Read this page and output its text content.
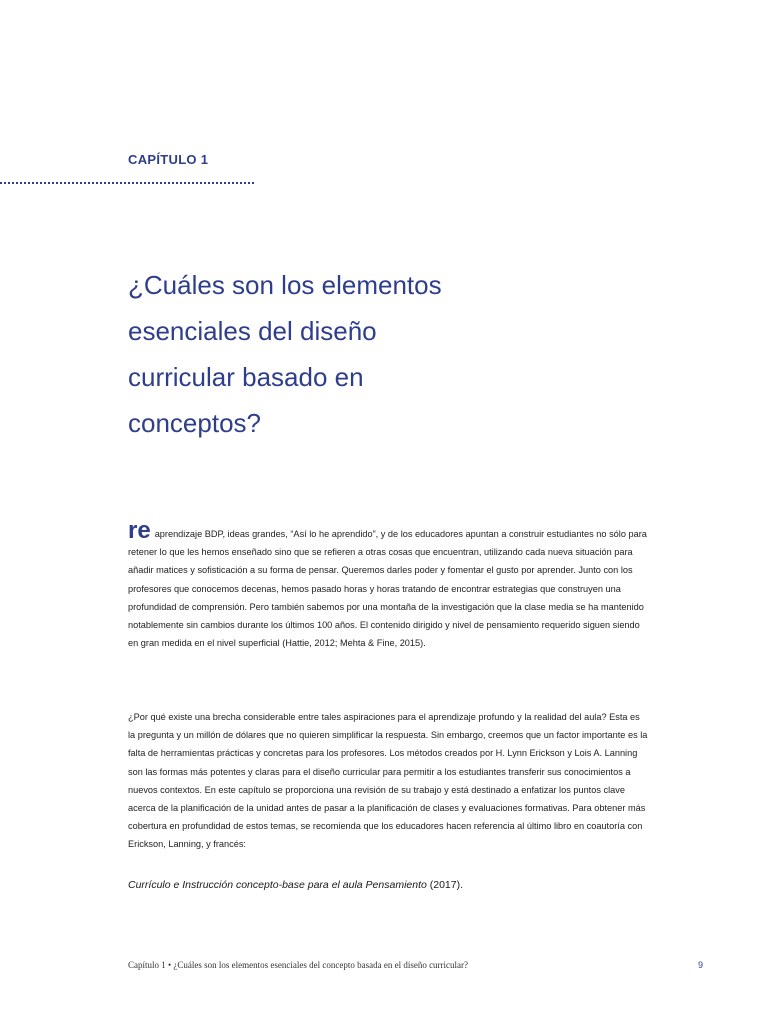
CAPÍTULO 1
¿Cuáles son los elementos
esenciales del diseño
curricular basado en
conceptos?

re aprendizaje BDP, ideas grandes, “Así lo he aprendido”, y de los educadores apuntan a construir estudiantes no sólo para retener lo que les hemos enseñado sino que se refieren a otras cosas que encuentran, utilizando cada nueva situación para añadir matices y sofisticación a su forma de pensar. Queremos darles poder y fomentar el gusto por aprender. Junto con los profesores que conocemos decenas, hemos pasado horas y horas tratando de encontrar estrategias que construyen una profundidad de comprensión. Pero también sabemos por una montaña de la investigación que la clase media se ha mantenido notablemente sin cambios durante los últimos 100 años. El contenido dirigido y nivel de pensamiento requerido siguen siendo en gran medida en el nivel superficial (Hattie, 2012; Mehta & Fine, 2015).

¿Por qué existe una brecha considerable entre tales aspiraciones para el aprendizaje profundo y la realidad del aula? Esta es la pregunta y un millón de dólares que no quieren simplificar la respuesta. Sin embargo, creemos que un factor importante es la falta de herramientas prácticas y concretas para los profesores. Los métodos creados por H. Lynn Erickson y Lois A. Lanning son las formas más potentes y claras para el diseño curricular para permitir a los estudiantes transferir sus conocimientos a nuevos contextos. En este capítulo se proporciona una revisión de su trabajo y está destinado a enfatizar los puntos clave acerca de la planificación de la unidad antes de pasar a la planificación de clases y evaluaciones formativas. Para obtener más cobertura en profundidad de estos temas, se recomienda que los educadores hacen referencia al último libro en coautoría con Erickson, Lanning, y francés:

Currículo e Instrucción concepto-base para el aula Pensamiento (2017).

Capítulo 1 • ¿Cuáles son los elementos esenciales del concepto basada en el diseño curricular?	9
